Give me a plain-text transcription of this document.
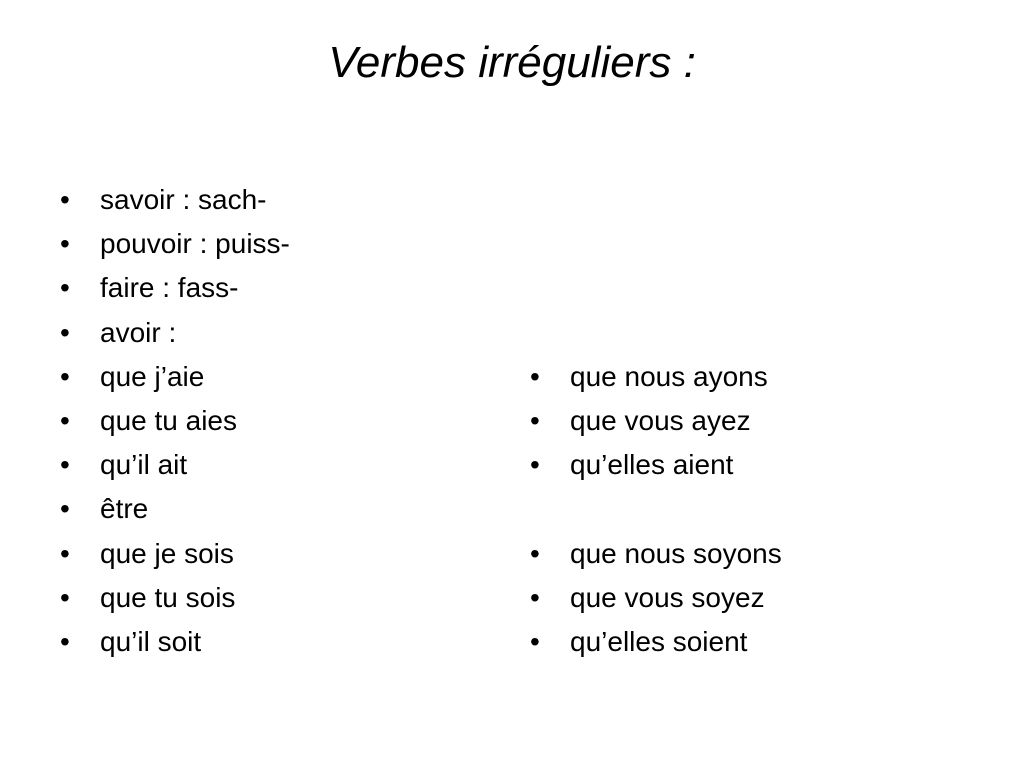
Verbes irréguliers :
•
savoir : sach-
•
pouvoir : puiss-
•
faire : fass-
•
avoir :
•
que j’aie
•
que tu aies
•
qu’il ait
•
être
•
que je sois
•
que tu sois
•
qu’il soit
•
que nous ayons
•
que vous ayez
•
qu’elles aient
•
que nous soyons
•
que vous soyez
•
qu’elles soient
